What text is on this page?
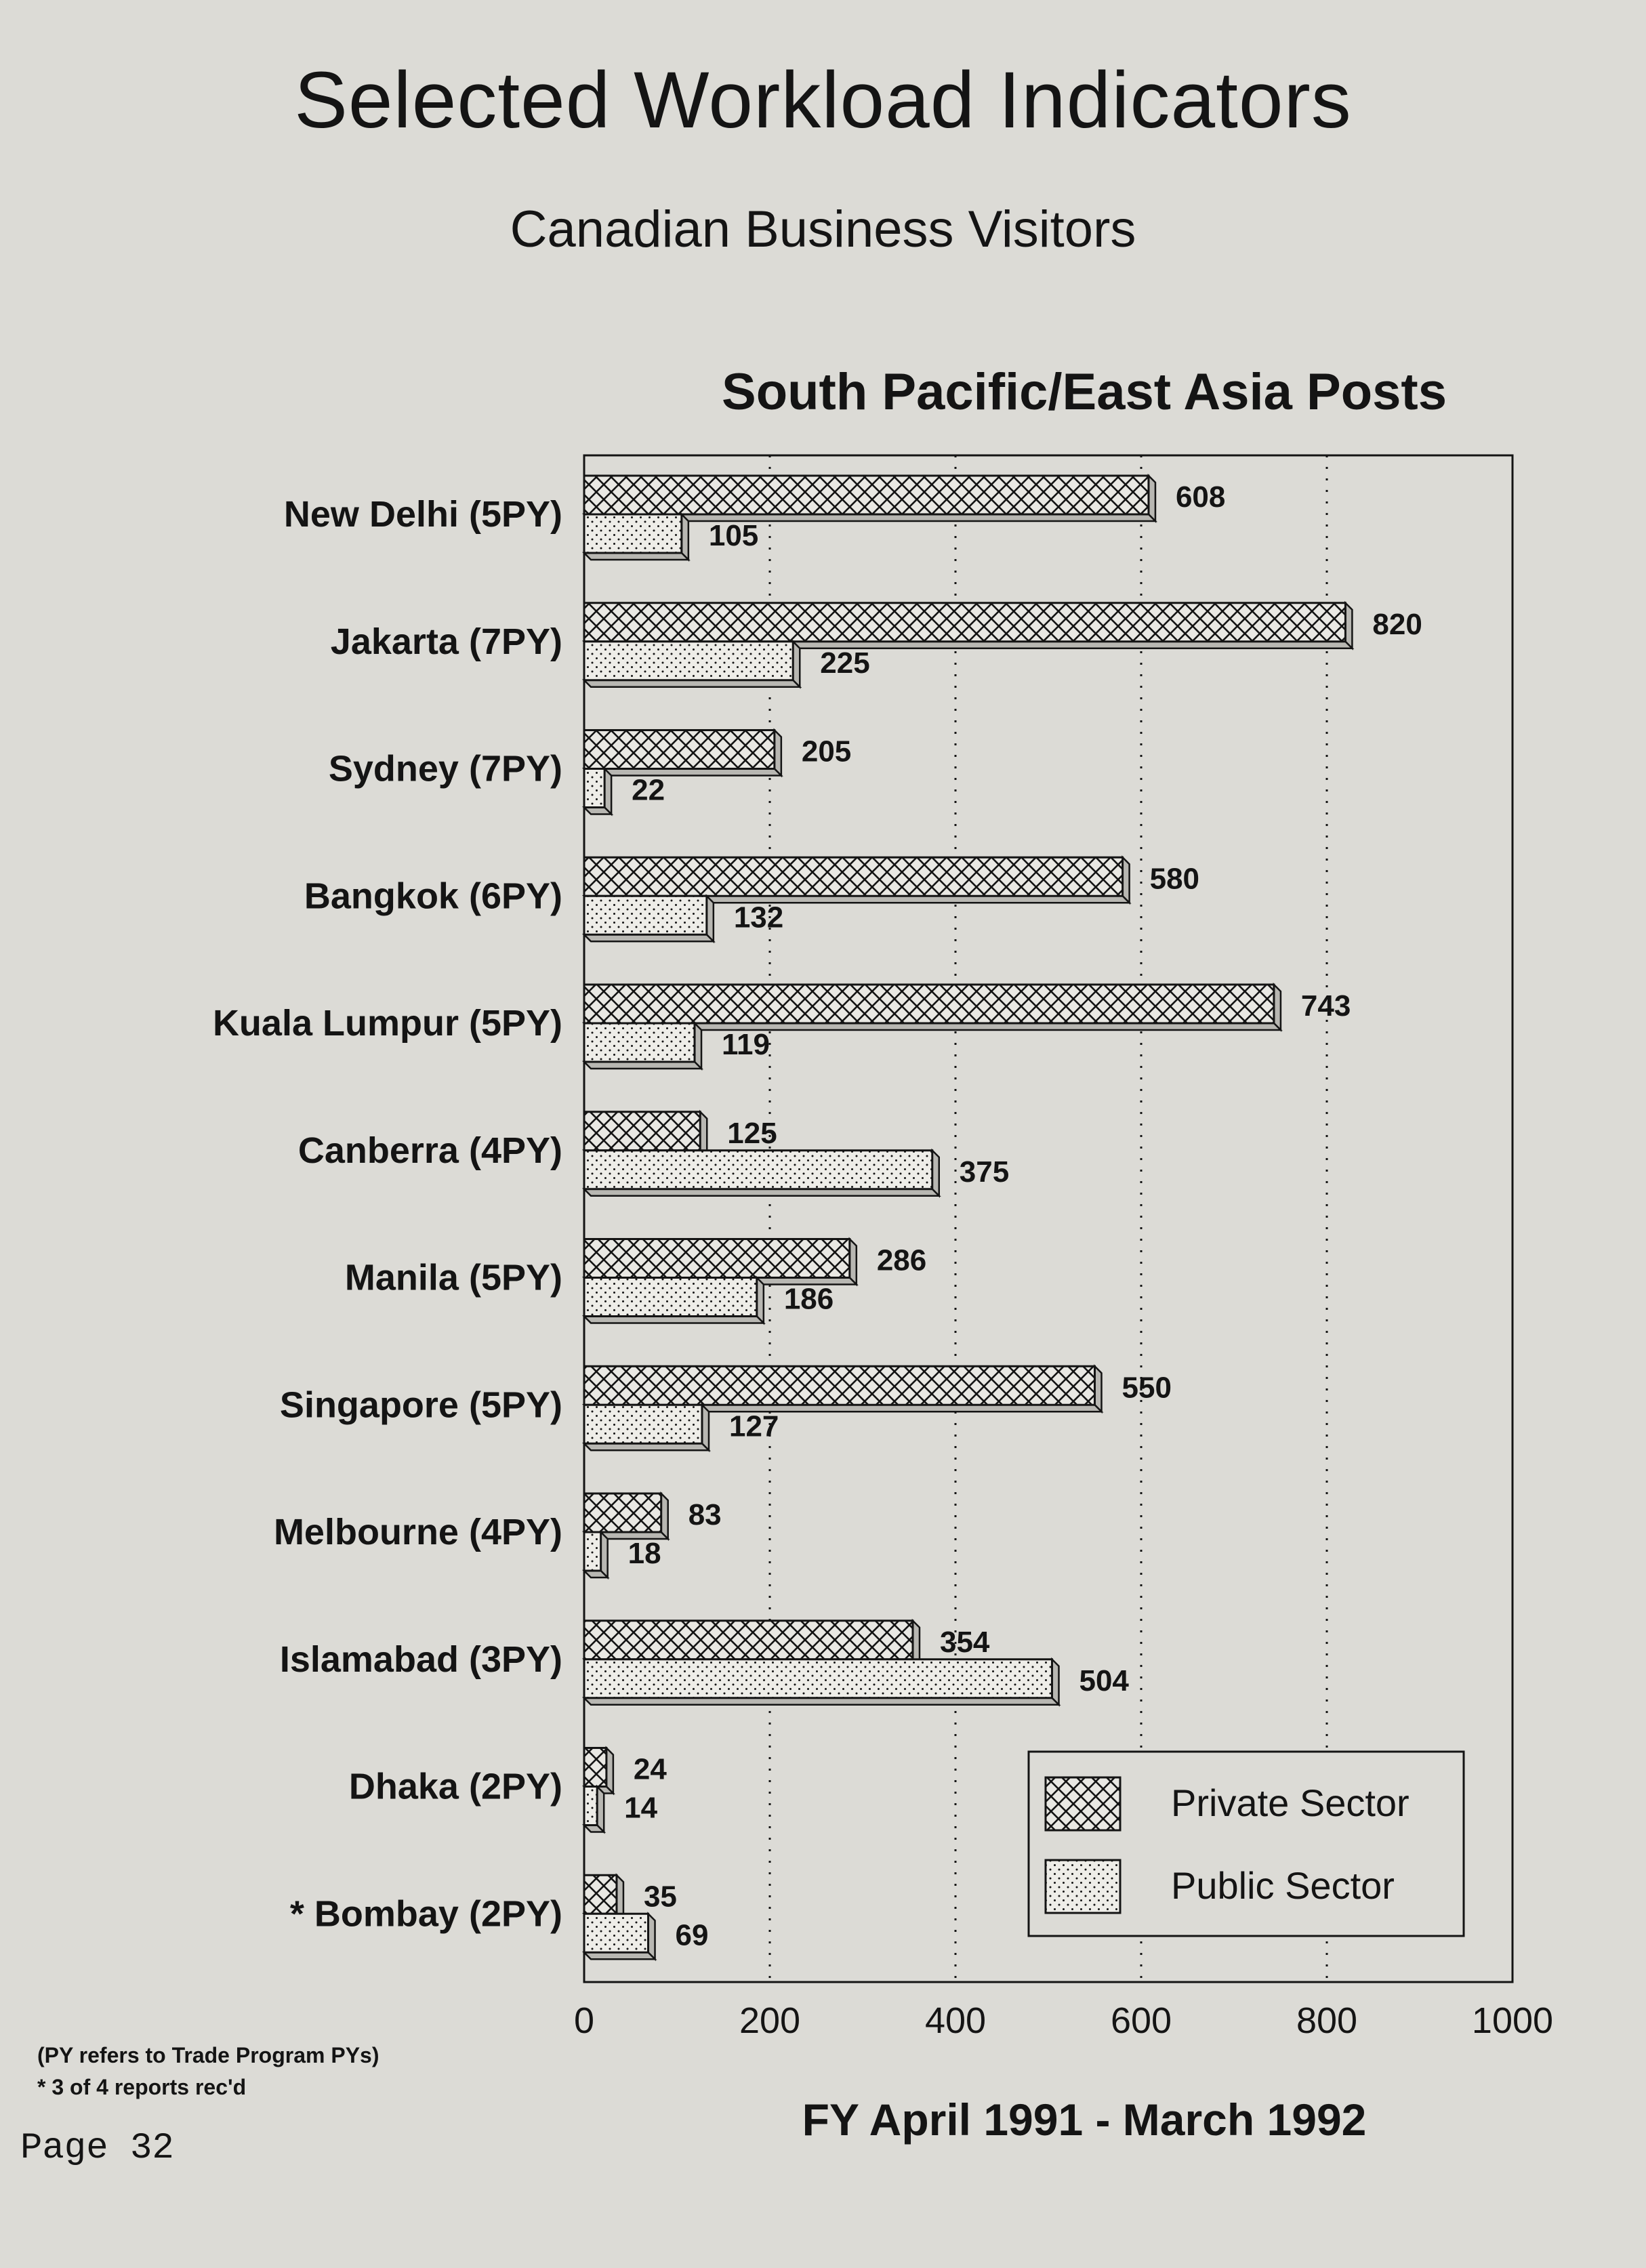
Selected Workload Indicators
Canadian Business Visitors
South Pacific/East Asia Posts
0	200	400	600	800	1000
New Delhi (5PY)	608
105
Jakarta (7PY)	820
225
Sydney (7PY)	205
22
Bangkok (6PY)	580
132
Kuala Lumpur (5PY)	743
119
Canberra (4PY)	125
375
Manila (5PY)	286
186
Singapore (5PY)	550
127
Melbourne (4PY)	83
18
Islamabad (3PY)	354
504
Dhaka (2PY) 24
14
* Bombay (2PY)	35
69
Private Sector
Public Sector
FY April 1991 - March 1992
(PY refers to Trade Program PYs)
* 3 of 4 reports rec'd
Page 32
